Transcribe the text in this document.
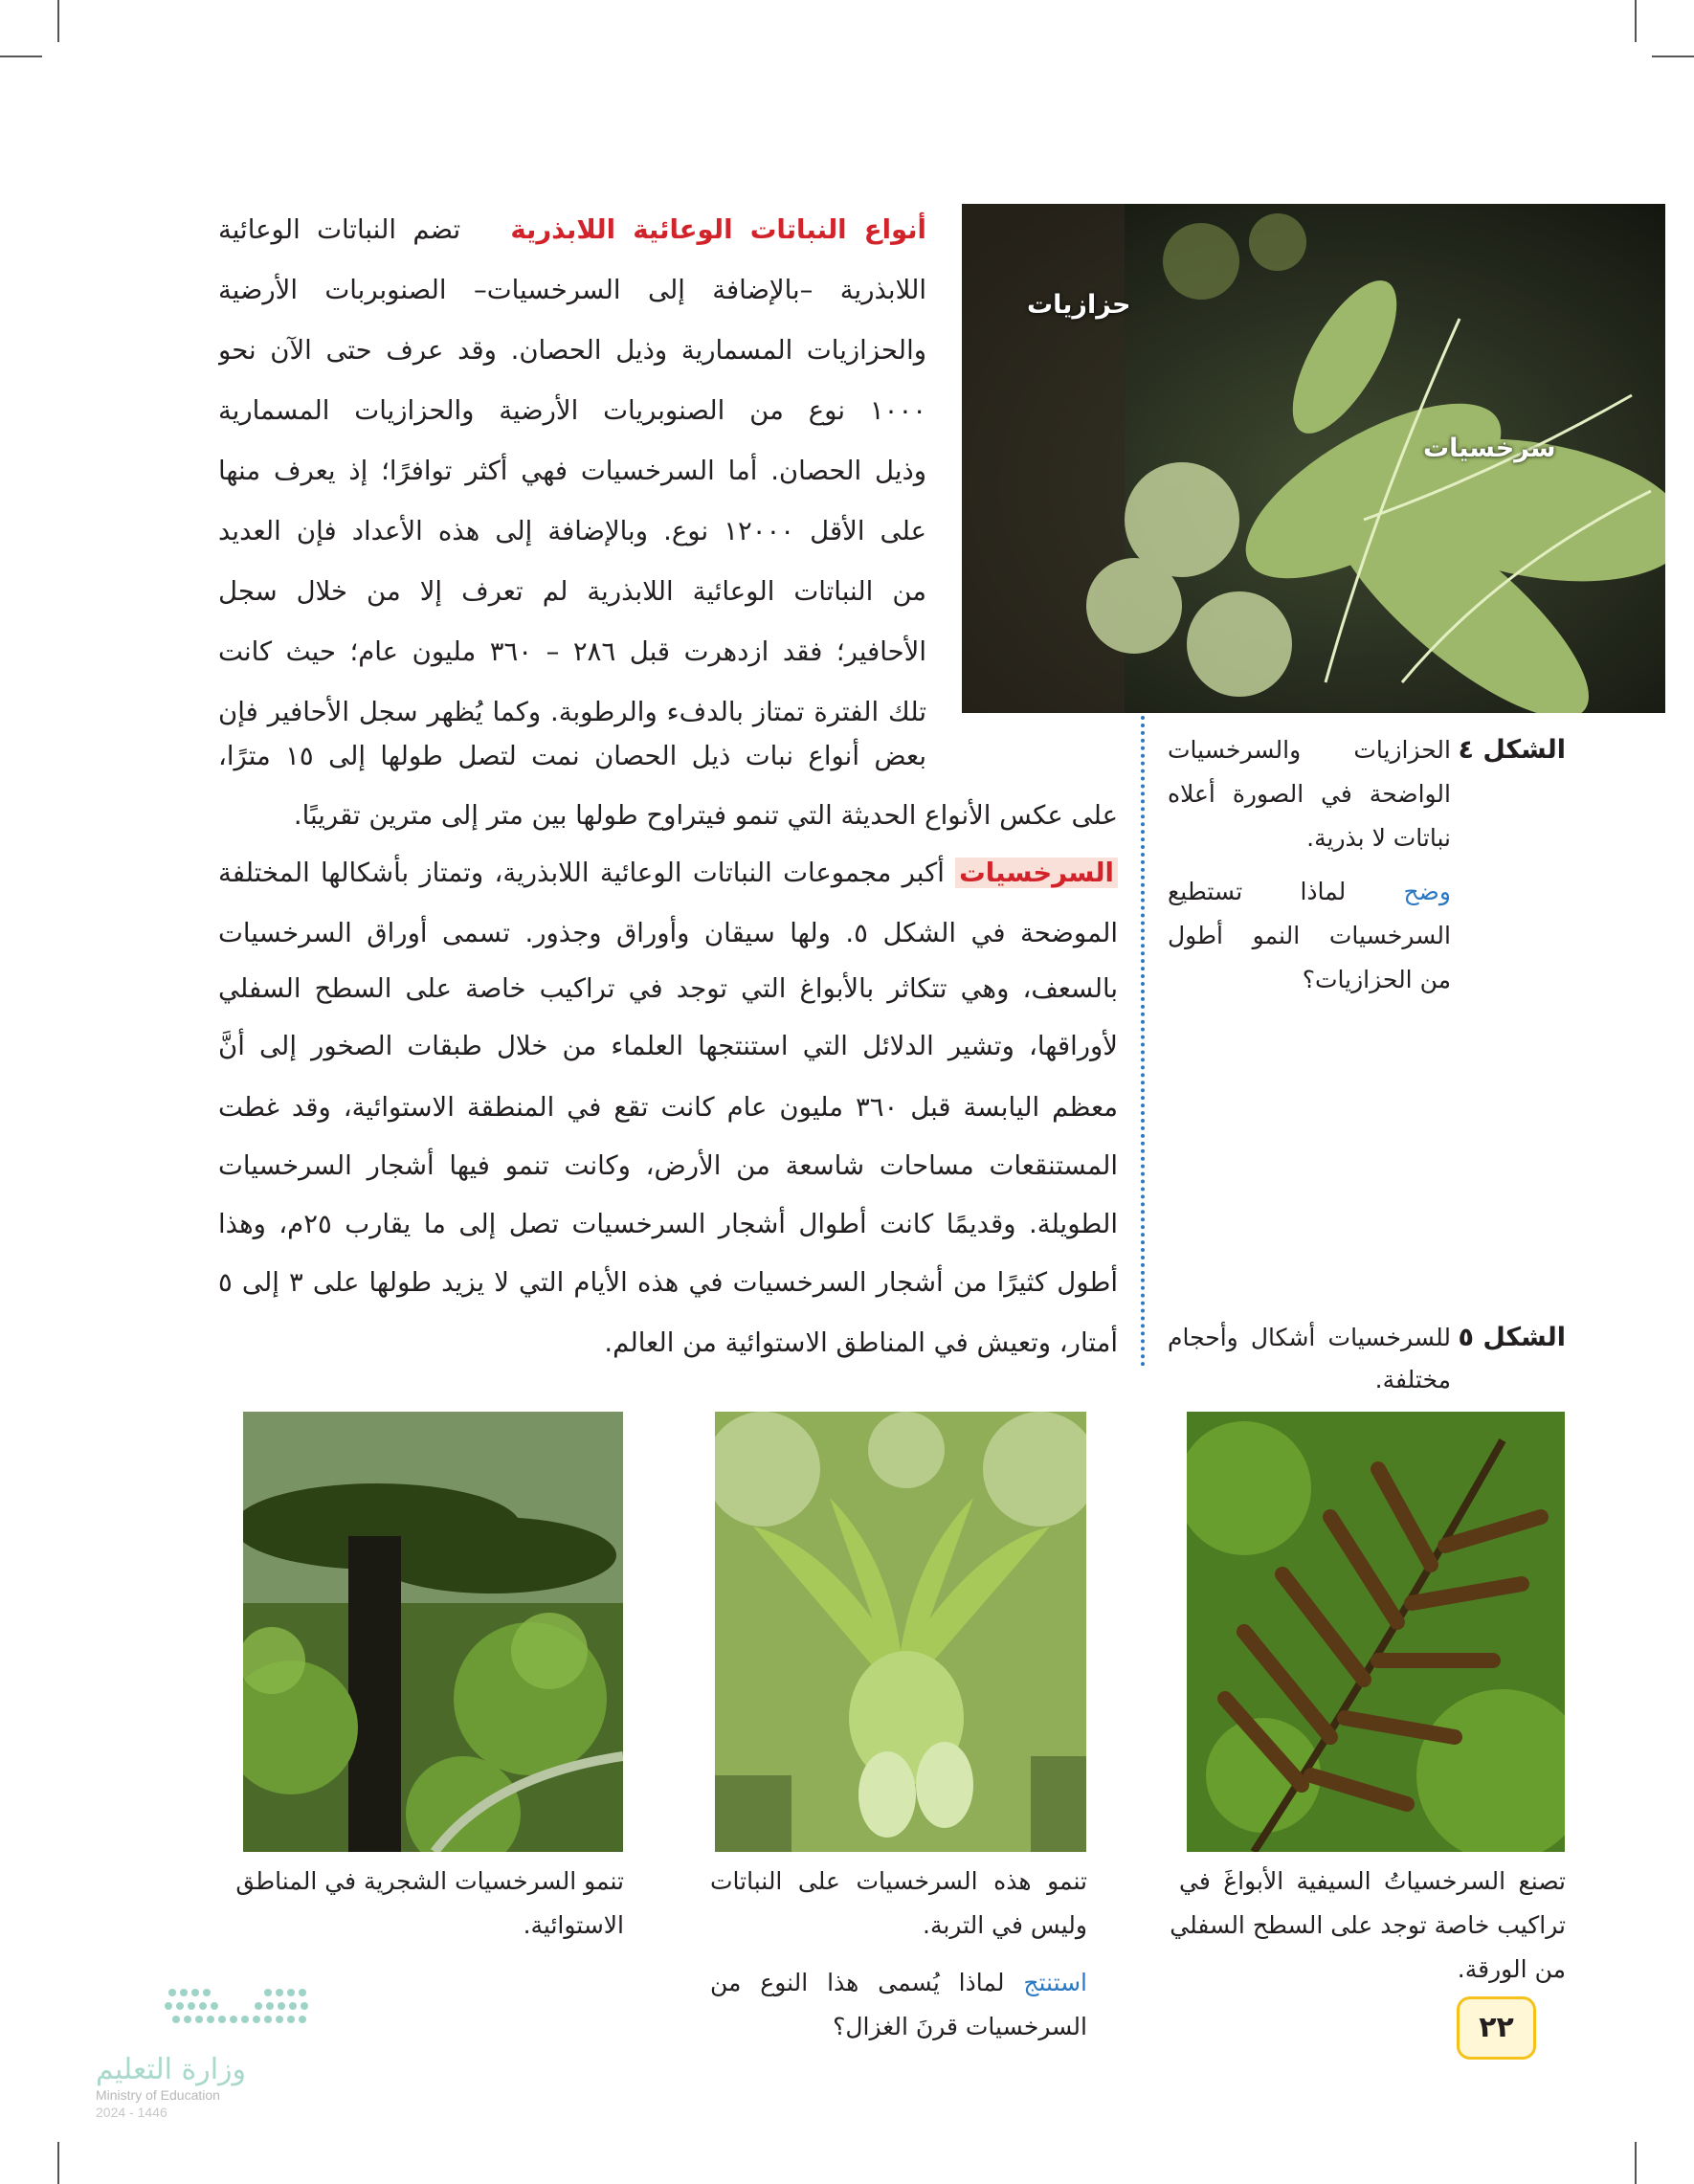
أنواع النباتات الوعائية اللابذرية   تضم النباتات الوعائية
اللابذرية –بالإضافة إلى السرخسيات– الصنوبربات الأرضية
والحزازيات المسمارية وذيل الحصان. وقد عرف حتى الآن نحو
١٠٠٠ نوع من الصنوبريات الأرضية والحزازيات المسمارية
وذيل الحصان. أما السرخسيات فهي أكثر توافرًا؛ إذ يعرف منها
على الأقل ١٢٠٠٠ نوع. وبالإضافة إلى هذه الأعداد فإن العديد
من النباتات الوعائية اللابذرية لم تعرف إلا من خلال سجل
الأحافير؛ فقد ازدهرت قبل ٢٨٦ – ٣٦٠ مليون عام؛ حيث كانت
تلك الفترة تمتاز بالدفء والرطوبة. وكما يُظهر سجل الأحافير فإن
بعض أنواع نبات ذيل الحصان نمت لتصل طولها إلى ١٥ مترًا،
على عكس الأنواع الحديثة التي تنمو فيتراوح طولها بين متر إلى مترين تقريبًا.
السرخسيات أكبر مجموعات النباتات الوعائية اللابذرية، وتمتاز بأشكالها المختلفة
الموضحة في الشكل ٥. ولها سيقان وأوراق وجذور. تسمى أوراق السرخسيات
بالسعف، وهي تتكاثر بالأبواغ التي توجد في تراكيب خاصة على السطح السفلي
لأوراقها، وتشير الدلائل التي استنتجها العلماء من خلال طبقات الصخور إلى أنَّ
معظم اليابسة قبل ٣٦٠ مليون عام كانت تقع في المنطقة الاستوائية، وقد غطت
المستنقعات مساحات شاسعة من الأرض، وكانت تنمو فيها أشجار السرخسيات
الطويلة. وقديمًا كانت أطوال أشجار السرخسيات تصل إلى ما يقارب ٢٥م، وهذا
أطول كثيرًا من أشجار السرخسيات في هذه الأيام التي لا يزيد طولها على ٣ إلى ٥
أمتار، وتعيش في المناطق الاستوائية من العالم.
حزازيات
سرخسيات
الشكل ٤
الحزازيات والسرخسيات
الواضحة في الصورة أعلاه
نباتات لا بذرية.
وضح لماذا تستطيع
السرخسيات النمو أطول
من الحزازيات؟
الشكل ٥
للسرخسيات أشكال وأحجام
مختلفة.
تصنع السرخسياتُ السيفية الأبواغَ في
تراكيب خاصة توجد على السطح السفلي
من الورقة.
تنمو هذه السرخسيات على النباتات
وليس في التربة.
استنتج لماذا يُسمى هذا النوع من
السرخسيات قرنَ الغزال؟
تنمو السرخسيات الشجرية في المناطق
الاستوائية.
٢٢
وزارة التعليم
Ministry of Education
2024 - 1446
